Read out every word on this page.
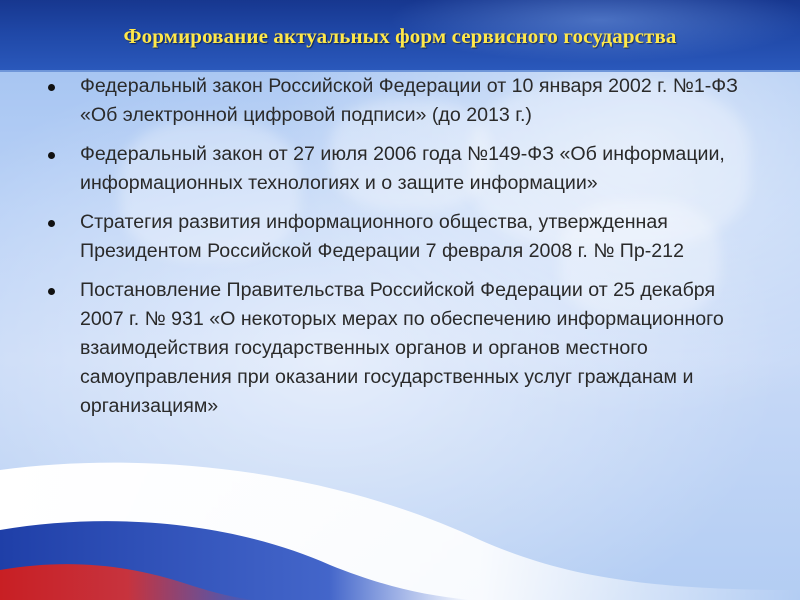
Формирование актуальных форм сервисного государства
Федеральный закон Российской Федерации от 10 января 2002 г. №1-ФЗ «Об электронной цифровой подписи» (до 2013 г.)
Федеральный закон от 27 июля 2006 года №149-ФЗ «Об информации, информационных технологиях и о защите информации»
Стратегия развития информационного общества, утвержденная Президентом Российской Федерации 7 февраля 2008 г. № Пр-212
Постановление Правительства Российской Федерации от 25 декабря 2007 г. № 931 «О некоторых мерах по обеспечению информационного взаимодействия государственных органов и органов местного самоуправления при оказании государственных услуг гражданам и организациям»
